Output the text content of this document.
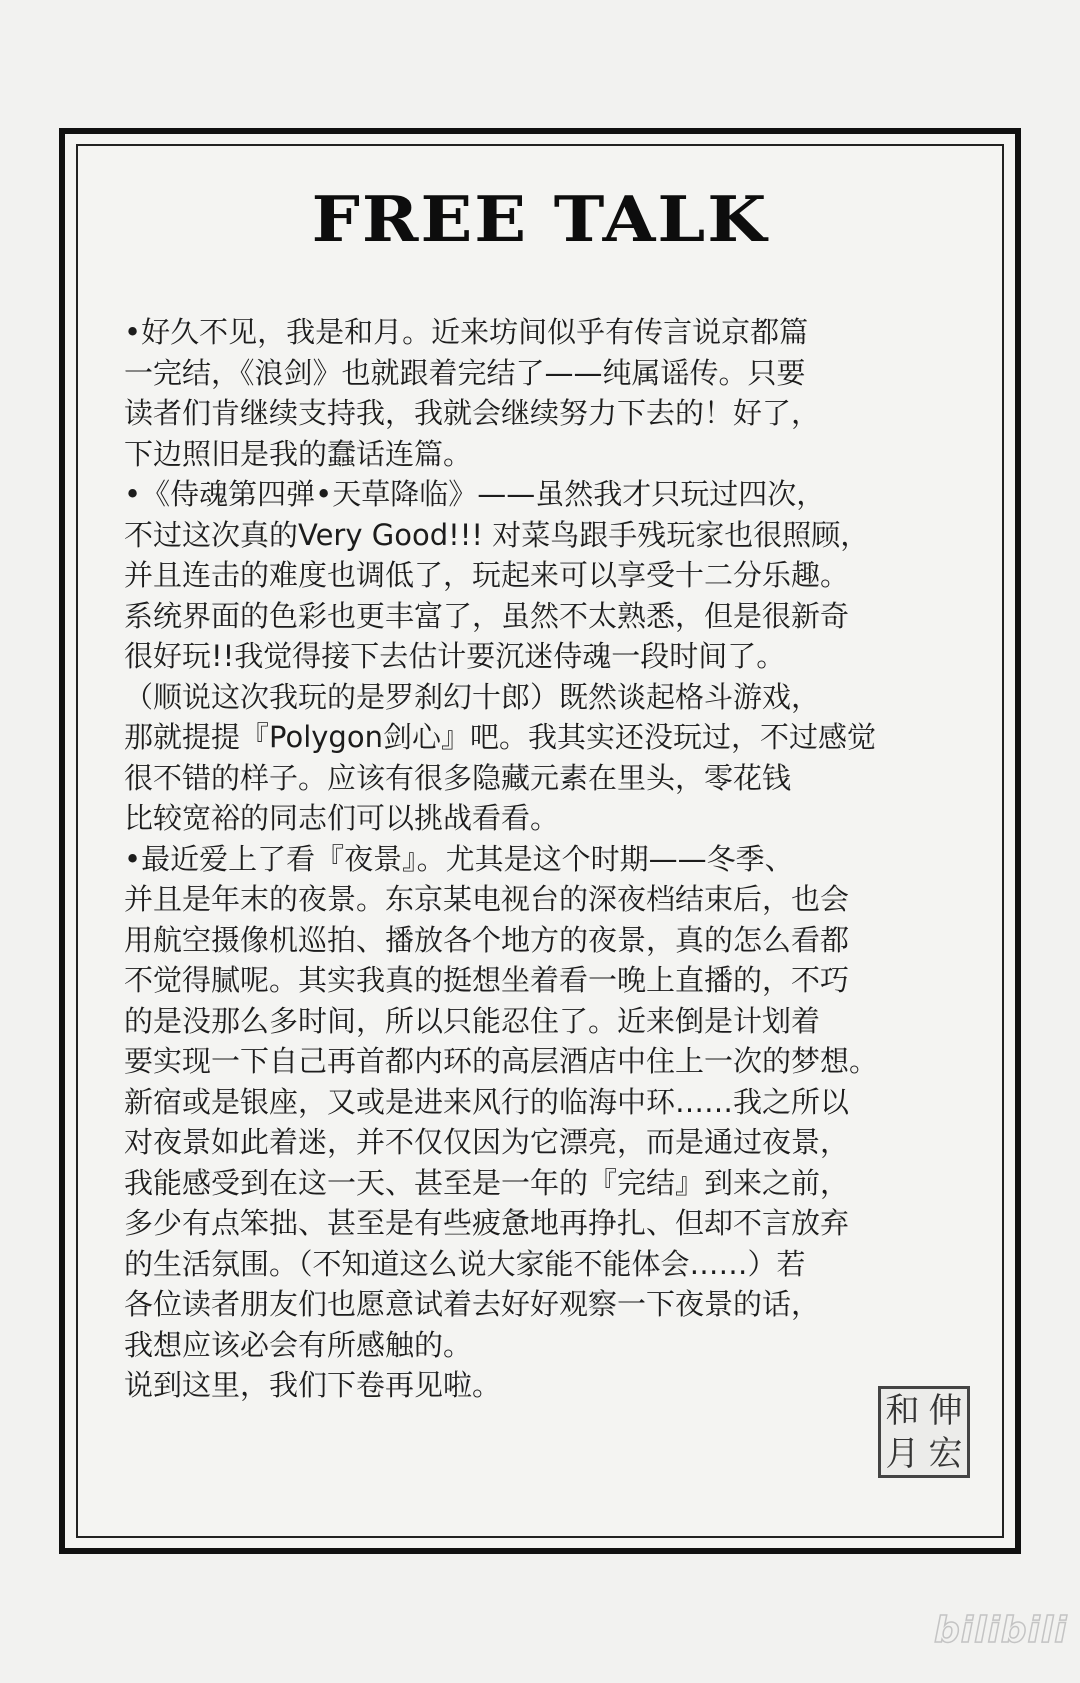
FREE TALK
•好久不见，我是和月。近来坊间似乎有传言说京都篇
一完结，《浪剑》也就跟着完结了——纯属谣传。只要
读者们肯继续支持我，我就会继续努力下去的！好了，
下边照旧是我的蠢话连篇。
•《侍魂第四弹•天草降临》——虽然我才只玩过四次，
不过这次真的Very Good!!! 对菜鸟跟手残玩家也很照顾，
并且连击的难度也调低了，玩起来可以享受十二分乐趣。
系统界面的色彩也更丰富了，虽然不太熟悉，但是很新奇
很好玩!!我觉得接下去估计要沉迷侍魂一段时间了。
（顺说这次我玩的是罗刹幻十郎）既然谈起格斗游戏，
那就提提『Polygon剑心』吧。我其实还没玩过，不过感觉
很不错的样子。应该有很多隐藏元素在里头，零花钱
比较宽裕的同志们可以挑战看看。
•最近爱上了看『夜景』。尤其是这个时期——冬季、
并且是年末的夜景。东京某电视台的深夜档结束后，也会
用航空摄像机巡拍、播放各个地方的夜景，真的怎么看都
不觉得腻呢。其实我真的挺想坐着看一晚上直播的，不巧
的是没那么多时间，所以只能忍住了。近来倒是计划着
要实现一下自己再首都内环的高层酒店中住上一次的梦想。
新宿或是银座，又或是进来风行的临海中环……我之所以
对夜景如此着迷，并不仅仅因为它漂亮，而是通过夜景，
我能感受到在这一天、甚至是一年的『完结』到来之前，
多少有点笨拙、甚至是有些疲惫地再挣扎、但却不言放弃
的生活氛围。（不知道这么说大家能不能体会……）若
各位读者朋友们也愿意试着去好好观察一下夜景的话，
我想应该必会有所感触的。
说到这里，我们下卷再见啦。
和 伸
月 宏
bilibili
